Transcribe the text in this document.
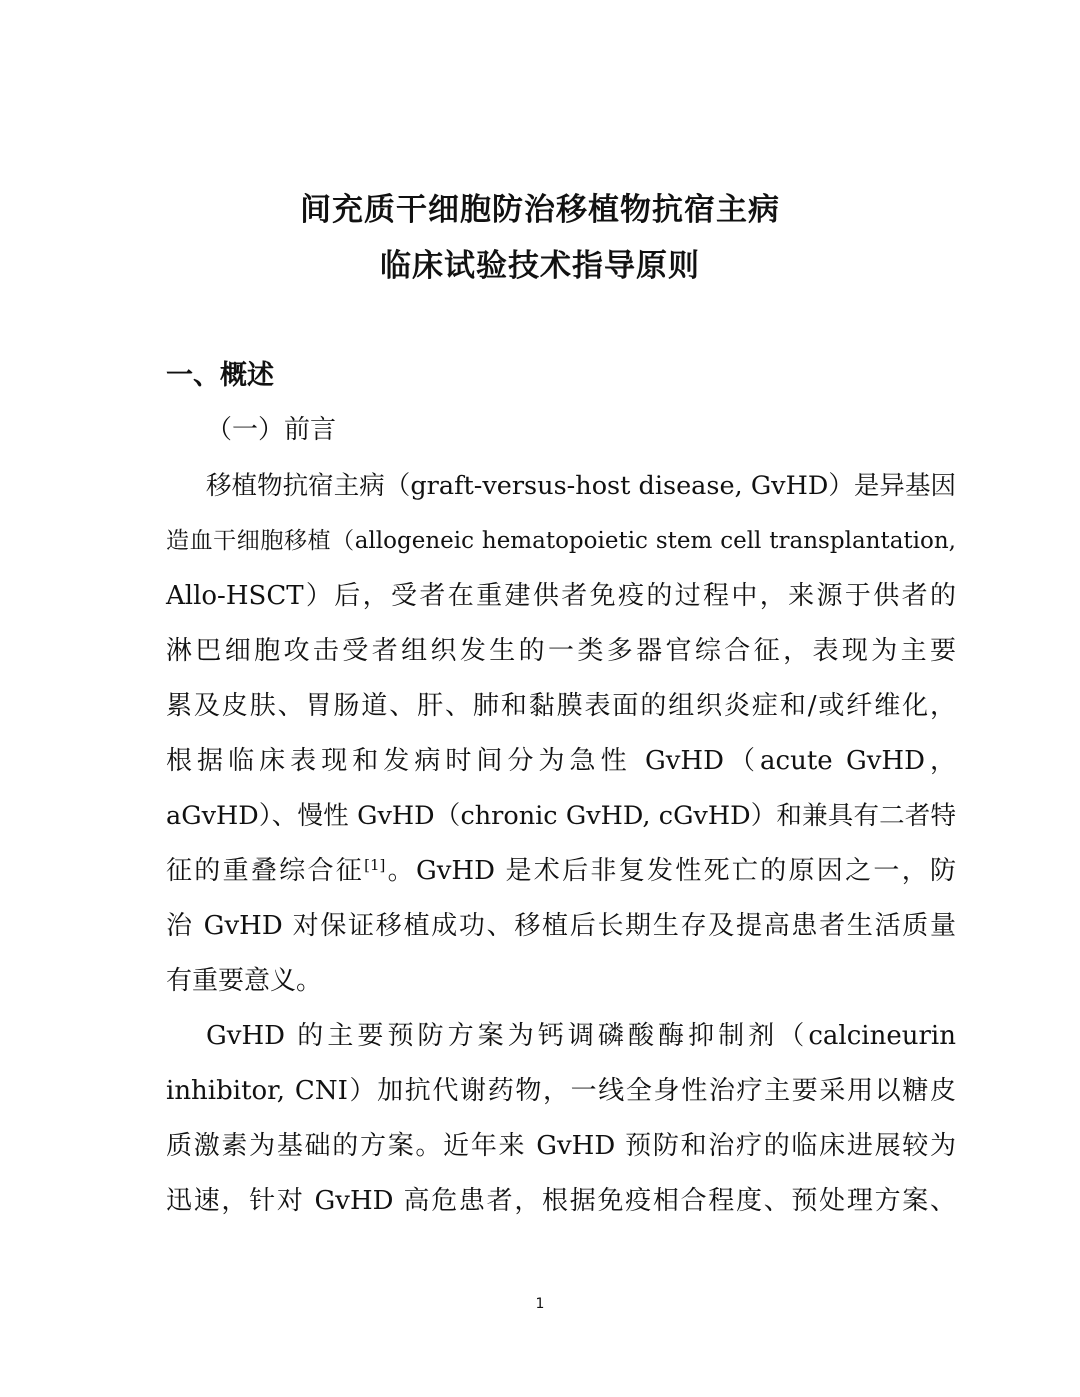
间充质干细胞防治移植物抗宿主病
临床试验技术指导原则
一、概述
（一）前言
移植物抗宿主病（graft-versus-host disease, GvHD）是异基因
造血干细胞移植（allogeneic hematopoietic stem cell transplantation,
Allo-HSCT）后，受者在重建供者免疫的过程中，来源于供者的
淋巴细胞攻击受者组织发生的一类多器官综合征，表现为主要
累及皮肤、胃肠道、肝、肺和黏膜表面的组织炎症和/或纤维化，
根据临床表现和发病时间分为急性 GvHD（acute GvHD，
aGvHD）、慢性 GvHD（chronic GvHD, cGvHD）和兼具有二者特
征的重叠综合征[1]。GvHD 是术后非复发性死亡的原因之一，防
治 GvHD 对保证移植成功、移植后长期生存及提高患者生活质量
有重要意义。
GvHD 的主要预防方案为钙调磷酸酶抑制剂（calcineurin
inhibitor, CNI）加抗代谢药物，一线全身性治疗主要采用以糖皮
质激素为基础的方案。近年来 GvHD 预防和治疗的临床进展较为
迅速，针对 GvHD 高危患者，根据免疫相合程度、预处理方案、
1
